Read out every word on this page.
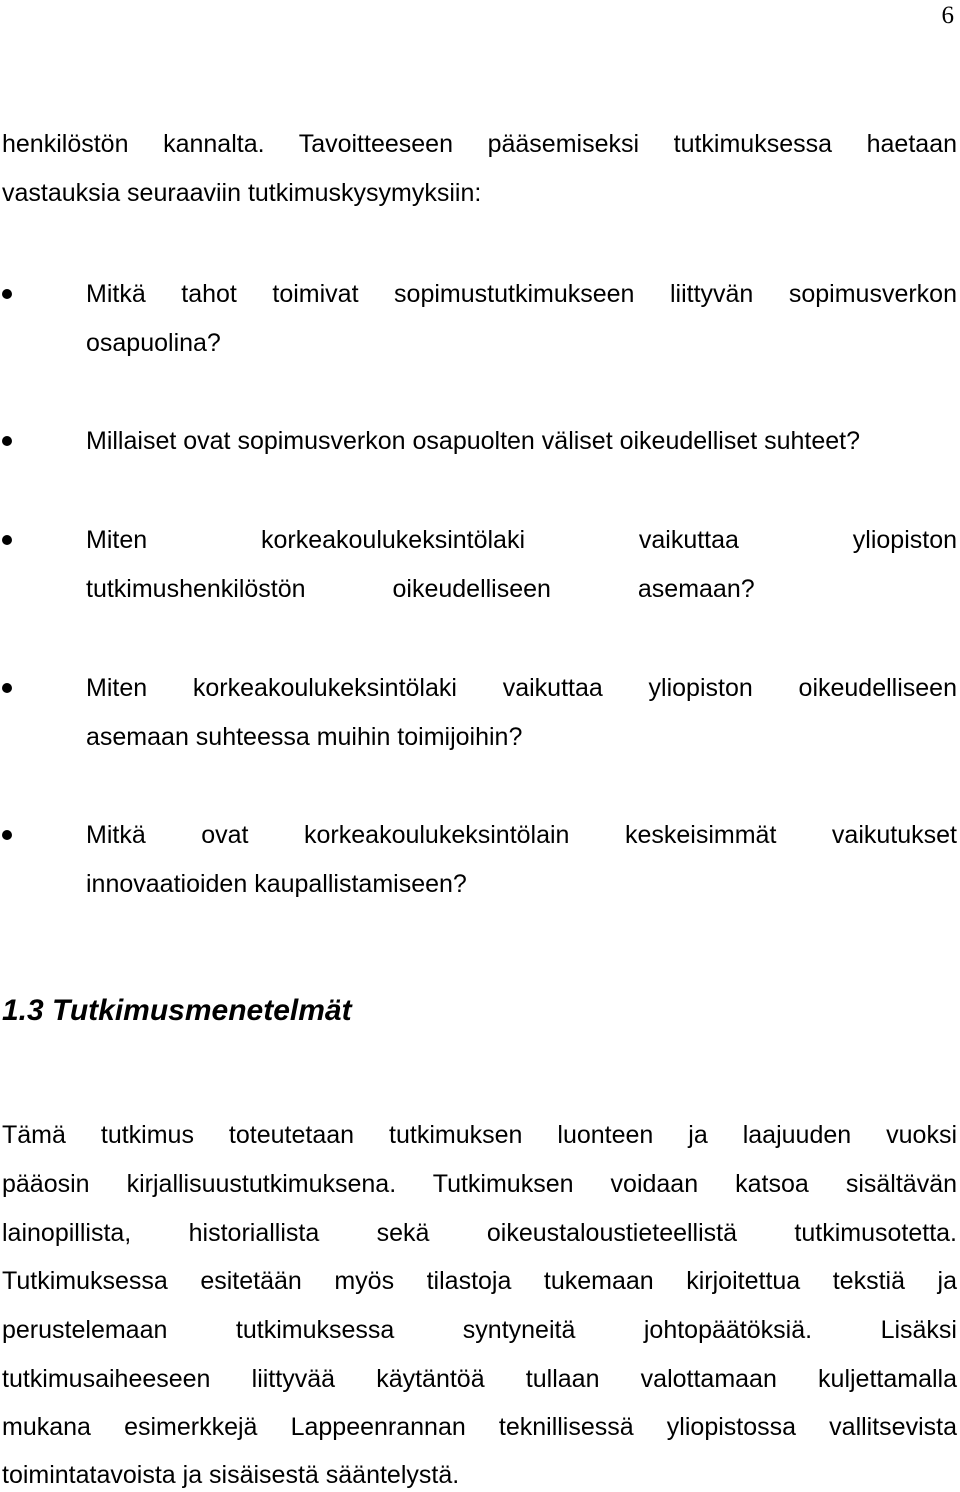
6
henkilöstön kannalta. Tavoitteeseen pääsemiseksi tutkimuksessa haetaan
vastauksia seuraaviin tutkimuskysymyksiin:
Mitkä tahot toimivat sopimustutkimukseen liittyvän sopimusverkon
osapuolina?
Millaiset ovat sopimusverkon osapuolten väliset oikeudelliset suhteet?
Miten korkeakoulukeksintölaki vaikuttaa yliopiston
tutkimushenkilöstön oikeudelliseen asemaan?
Miten korkeakoulukeksintölaki vaikuttaa yliopiston oikeudelliseen
asemaan suhteessa muihin toimijoihin?
Mitkä ovat korkeakoulukeksintölain keskeisimmät vaikutukset
innovaatioiden kaupallistamiseen?
1.3 Tutkimusmenetelmät
Tämä tutkimus toteutetaan tutkimuksen luonteen ja laajuuden vuoksi
pääosin kirjallisuustutkimuksena. Tutkimuksen voidaan katsoa sisältävän
lainopillista, historiallista sekä oikeustaloustieteellistä tutkimusotetta.
Tutkimuksessa esitetään myös tilastoja tukemaan kirjoitettua tekstiä ja
perustelemaan tutkimuksessa syntyneitä johtopäätöksiä. Lisäksi
tutkimusaiheeseen liittyvää käytäntöä tullaan valottamaan kuljettamalla
mukana esimerkkejä Lappeenrannan teknillisessä yliopistossa vallitsevista
toimintatavoista ja sisäisestä sääntelystä.
